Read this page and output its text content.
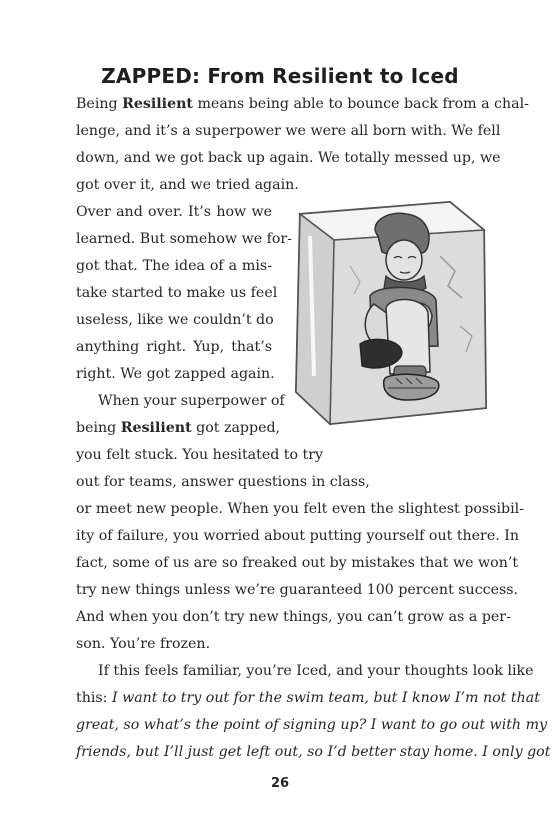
ZAPPED: From Resilient to Iced
Being Resilient means being able to bounce back from a chal-
lenge, and it’s a superpower we were all born with. We fell
down, and we got back up again. We totally messed up, we
got over it, and we tried again.
Over and over. It’s how we
learned. But somehow we for-
got that. The idea of a mis-
take started to make us feel
useless, like we couldn’t do
anything right. Yup, that’s
right. We got zapped again.
When your superpower of
being Resilient got zapped,
you felt stuck. You hesitated to try
out for teams, answer questions in class,
or meet new people. When you felt even the slightest possibil-
ity of failure, you worried about putting yourself out there. In
fact, some of us are so freaked out by mistakes that we won’t
try new things unless we’re guaranteed 100 percent success.
And when you don’t try new things, you can’t grow as a per-
son. You’re frozen.
If this feels familiar, you’re Iced, and your thoughts look like
this: I want to try out for the swim team, but I know I’m not that
great, so what’s the point of signing up? I want to go out with my
friends, but I’ll just get left out, so I’d better stay home. I only got
26
